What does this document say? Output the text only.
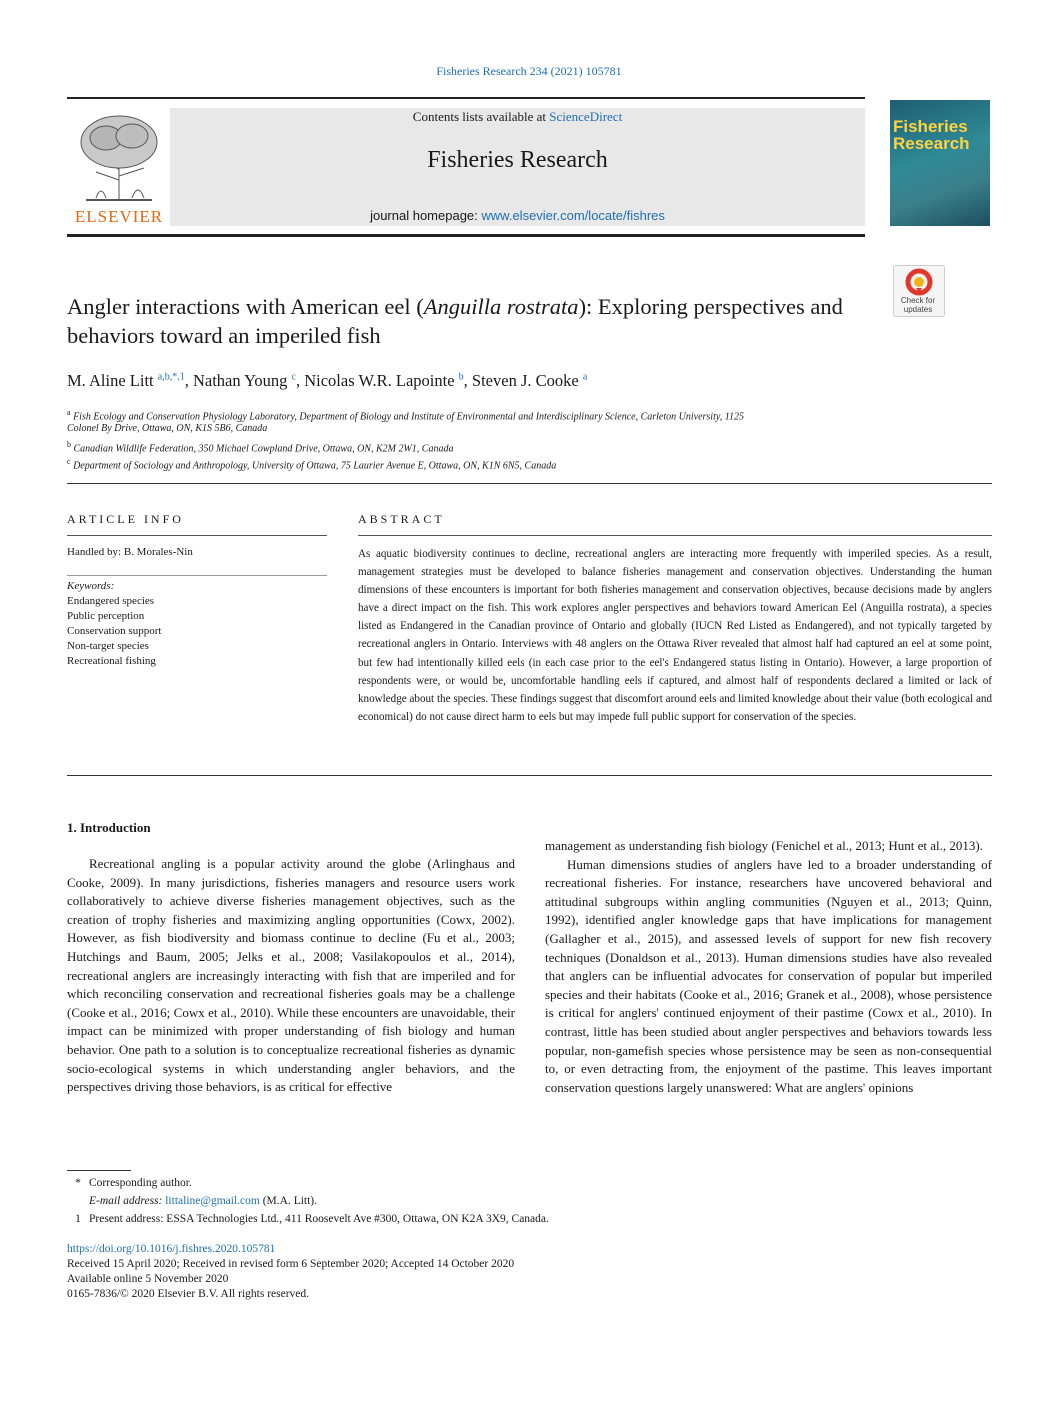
Fisheries Research 234 (2021) 105781
ELSEVIER
Contents lists available at ScienceDirect
Fisheries Research
journal homepage: www.elsevier.com/locate/fishres
Fisheries Research
Check for updates
Angler interactions with American eel (Anguilla rostrata): Exploring perspectives and behaviors toward an imperiled fish
M. Aline Litt $^{a,b,*,1}$, Nathan Young $^c$, Nicolas W.R. Lapointe $^b$, Steven J. Cooke $^a$
$^a$ Fish Ecology and Conservation Physiology Laboratory, Department of Biology and Institute of Environmental and Interdisciplinary Science, Carleton University, 1125
Colonel By Drive, Ottawa, ON, K1S 5B6, Canada
$^b$ Canadian Wildlife Federation, 350 Michael Cowpland Drive, Ottawa, ON, K2M 2W1, Canada
$^c$ Department of Sociology and Anthropology, University of Ottawa, 75 Laurier Avenue E, Ottawa, ON, K1N 6N5, Canada
ARTICLE INFO
Handled by: B. Morales-Nin
Keywords:
Endangered species
Public perception
Conservation support
Non-target species
Recreational fishing
ABSTRACT
As aquatic biodiversity continues to decline, recreational anglers are interacting more frequently with imperiled species. As a result, management strategies must be developed to balance fisheries management and conservation objectives. Understanding the human dimensions of these encounters is important for both fisheries management and conservation objectives, because decisions made by anglers have a direct impact on the fish. This work explores angler perspectives and behaviors toward American Eel (Anguilla rostrata), a species listed as Endangered in the Canadian province of Ontario and globally (IUCN Red Listed as Endangered), and not typically targeted by recreational anglers in Ontario. Interviews with 48 anglers on the Ottawa River revealed that almost half had captured an eel at some point, but few had intentionally killed eels (in each case prior to the eel's Endangered status listing in Ontario). However, a large proportion of respondents were, or would be, uncomfortable handling eels if captured, and almost half of respondents declared a limited or lack of knowledge about the species. These findings suggest that discomfort around eels and limited knowledge about their value (both ecological and economical) do not cause direct harm to eels but may impede full public support for conservation of the species.
1. Introduction
Recreational angling is a popular activity around the globe (Arlinghaus and Cooke, 2009). In many jurisdictions, fisheries managers and resource users work collaboratively to achieve diverse fisheries management objectives, such as the creation of trophy fisheries and maximizing angling opportunities (Cowx, 2002). However, as fish biodiversity and biomass continue to decline (Fu et al., 2003; Hutchings and Baum, 2005; Jelks et al., 2008; Vasilakopoulos et al., 2014), recreational anglers are increasingly interacting with fish that are imperiled and for which reconciling conservation and recreational fisheries goals may be a challenge (Cooke et al., 2016; Cowx et al., 2010). While these encounters are unavoidable, their impact can be minimized with proper understanding of fish biology and human behavior. One path to a solution is to conceptualize recreational fisheries as dynamic socio-ecological systems in which understanding angler behaviors, and the perspectives driving those behaviors, is as critical for effective
management as understanding fish biology (Fenichel et al., 2013; Hunt et al., 2013).
Human dimensions studies of anglers have led to a broader understanding of recreational fisheries. For instance, researchers have uncovered behavioral and attitudinal subgroups within angling communities (Nguyen et al., 2013; Quinn, 1992), identified angler knowledge gaps that have implications for management (Gallagher et al., 2015), and assessed levels of support for new fish recovery techniques (Donaldson et al., 2013). Human dimensions studies have also revealed that anglers can be influential advocates for conservation of popular but imperiled species and their habitats (Cooke et al., 2016; Granek et al., 2008), whose persistence is critical for anglers' continued enjoyment of their pastime (Cowx et al., 2010). In contrast, little has been studied about angler perspectives and behaviors towards less popular, non-gamefish species whose persistence may be seen as non-consequential to, or even detracting from, the enjoyment of the pastime. This leaves important conservation questions largely unanswered: What are anglers' opinions
* Corresponding author.
E-mail address: littaline@gmail.com (M.A. Litt).
1 Present address: ESSA Technologies Ltd., 411 Roosevelt Ave #300, Ottawa, ON K2A 3X9, Canada.
https://doi.org/10.1016/j.fishres.2020.105781
Received 15 April 2020; Received in revised form 6 September 2020; Accepted 14 October 2020
Available online 5 November 2020
0165-7836/© 2020 Elsevier B.V. All rights reserved.
